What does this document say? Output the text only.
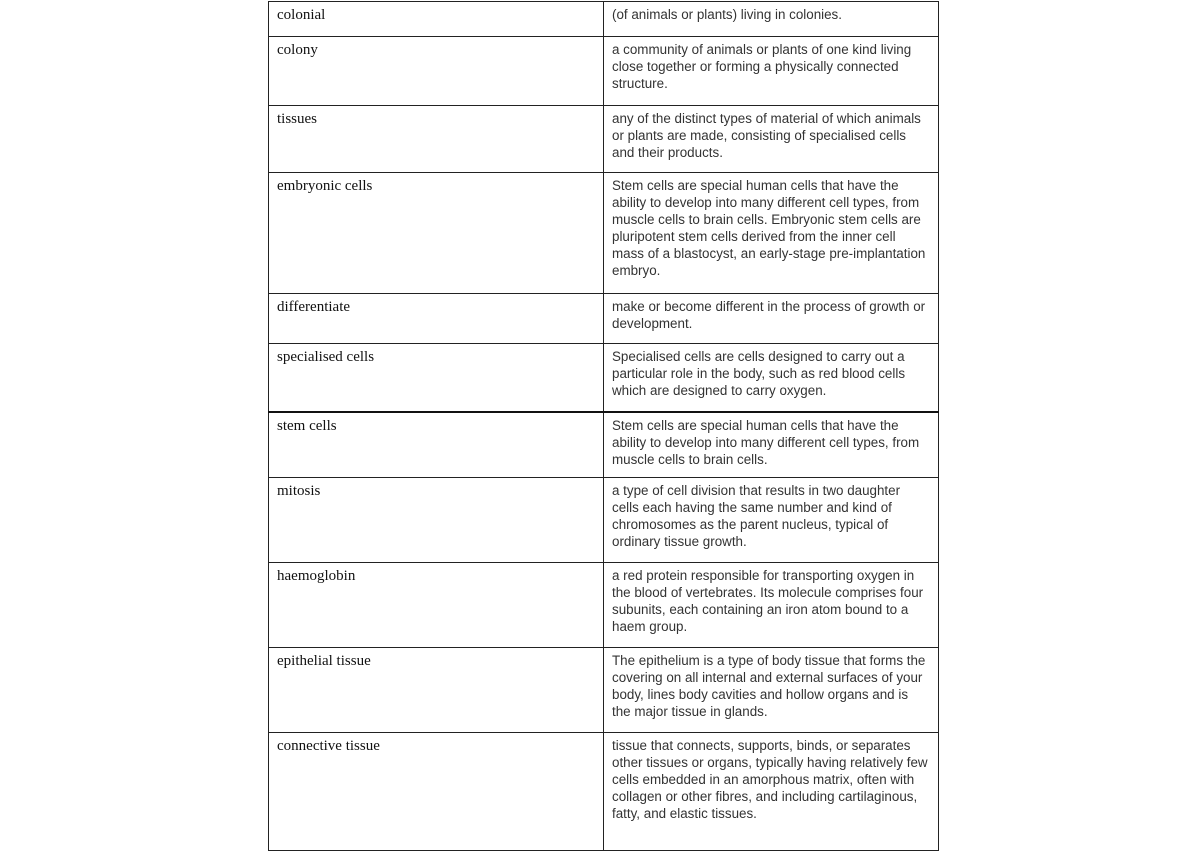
colonial	(of animals or plants) living in colonies.
colony	a community of animals or plants of one kind living close together or forming a physically connected structure.
tissues	any of the distinct types of material of which animals or plants are made, consisting of specialised cells and their products.
embryonic cells	Stem cells are special human cells that have the ability to develop into many different cell types, from muscle cells to brain cells. Embryonic stem cells are pluripotent stem cells derived from the inner cell mass of a blastocyst, an early-stage pre-implantation embryo.
differentiate	make or become different in the process of growth or development.
specialised cells	Specialised cells are cells designed to carry out a particular role in the body, such as red blood cells which are designed to carry oxygen.
stem cells	Stem cells are special human cells that have the ability to develop into many different cell types, from muscle cells to brain cells.
mitosis	a type of cell division that results in two daughter cells each having the same number and kind of chromosomes as the parent nucleus, typical of ordinary tissue growth.
haemoglobin	a red protein responsible for transporting oxygen in the blood of vertebrates. Its molecule comprises four subunits, each containing an iron atom bound to a haem group.
epithelial tissue	The epithelium is a type of body tissue that forms the covering on all internal and external surfaces of your body, lines body cavities and hollow organs and is the major tissue in glands.
connective tissue	tissue that connects, supports, binds, or separates other tissues or organs, typically having relatively few cells embedded in an amorphous matrix, often with collagen or other fibres, and including cartilaginous, fatty, and elastic tissues.
